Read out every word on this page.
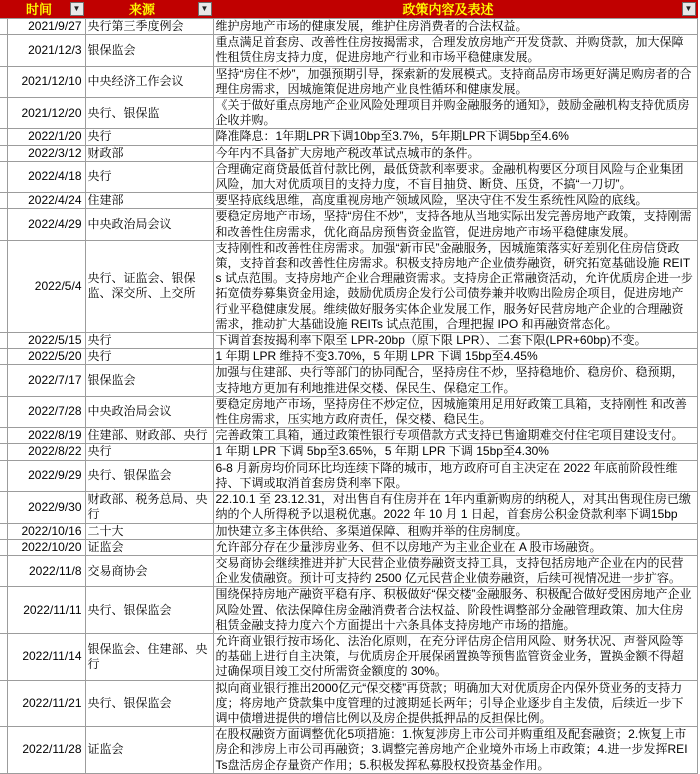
	时间 ▼	来源 ▼	政策内容及表述 ▼

	2021/9/27	央行第三季度例会	维护房地产市场的健康发展，维护住房消费者的合法权益。
	2021/12/3	银保监会	重点满足首套房、改善性住房按揭需求，合理发放房地产开发贷款、并购贷款，加大保障性租赁住房支持力度，促进房地产行业和市场平稳健康发展。
	2021/12/10	中央经济工作会议	坚持“房住不炒”，加强预期引导，探索新的发展模式。支持商品房市场更好满足购房者的合理住房需求，因城施策促进房地产业良性循环和健康发展。
	2021/12/20	央行、银保监	《关于做好重点房地产企业风险处理项目并购金融服务的通知》，鼓励金融机构支持优质房企收并购。
	2022/1/20	央行	降准降息：1年期LPR下调10bp至3.7%，5年期LPR下调5bp至4.6%
	2022/3/12	财政部	今年内不具备扩大房地产税改革试点城市的条件。
	2022/4/18	央行	合理确定商贷最低首付款比例，最低贷款利率要求。金融机构要区分项目风险与企业集团风险，加大对优质项目的支持力度，不盲目抽贷、断贷、压贷，不搞“一刀切”。
	2022/4/24	住建部	要坚持底线思维，高度重视房地产领域风险，坚决守住不发生系统性风险的底线。
	2022/4/29	中央政治局会议	要稳定房地产市场，坚持“房住不炒”，支持各地从当地实际出发完善房地产政策，支持刚需和改善性住房需求，优化商品房预售资金监管，促进房地产市场平稳健康发展。
	2022/5/4	央行、证监会、银保监、深交所、上交所	支持刚性和改善性住房需求。加强“新市民”金融服务，因城施策落实好差别化住房信贷政策，支持首套和改善性住房需求。积极支持房地产企业债券融资，研究拓宽基础设施 REITs 试点范围。支持房地产企业合理融资需求。支持房企正常融资活动，允许优质房企进一步拓宽债券募集资金用途，鼓励优质房企发行公司债券兼并收购出险房企项目，促进房地产行业平稳健康发展。维续做好服务实体企业发展工作，服务好民营房地产企业的合理融资需求，推动扩大基础设施 REITs 试点范围，合理把握 IPO 和再融资常态化。
	2022/5/15	央行	下调首套按揭利率下限至 LPR-20bp（原下限 LPR）、二套下限(LPR+60bp)不变。
	2022/5/20	央行	1 年期 LPR 维持不变3.70%，5 年期 LPR 下调 15bp至4.45%
	2022/7/17	银保监会	加强与住建部、央行等部门的协同配合，坚持房住不炒，坚持稳地价、稳房价、稳预期，支持地方更加有利地推进保交楼、保民生、保稳定工作。
	2022/7/28	中央政治局会议	要稳定房地产市场，坚持房住不炒定位，因城施策用足用好政策工具箱，支持刚性 和改善性住房需求，压实地方政府责任，保交楼、稳民生。
	2022/8/19	住建部、财政部、央行	完善政策工具箱，通过政策性银行专项借款方式支持已售逾期难交付住宅项目建设支付。
	2022/8/22	央行	1 年期 LPR 下调 5bp至3.65%，5 年期 LPR 下调 15bp至4.30%
	2022/9/29	央行、银保监会	6-8 月新房均价同环比均连续下降的城市，地方政府可自主决定在 2022 年底前阶段性维持、下调或取消首套房贷利率下限。
	2022/9/30	财政部、税务总局、央行	22.10.1 至 23.12.31，对出售自有住房并在 1年内重新购房的纳税人，对其出售现住房已缴纳的个人所得税予以退税优惠。2022 年 10 月 1 日起，首套房公积金贷款利率下调15bp
	2022/10/16	二十大	加快建立多主体供给、多渠道保障、租购并举的住房制度。
	2022/10/20	证监会	允许部分存在少量涉房业务、但不以房地产为主业企业在 A 股市场融资。
	2022/11/8	交易商协会	交易商协会继续推进并扩大民营企业债券融资支持工具，支持包括房地产企业在内的民营企业发债融资。预计可支持约 2500 亿元民营企业债券融资，后续可视情况进一步扩容。
	2022/11/11	央行、银保监会	围绕保持房地产融资平稳有序、积极做好“保交楼”金融服务、积极配合做好受困房地产企业风险处置、依法保障住房金融消费者合法权益、阶段性调整部分金融管理政策、加大住房租赁金融支持力度六个方面提出十六条具体支持房地产市场的措施。
	2022/11/14	银保监会、住建部、央行	允许商业银行按市场化、法治化原则，在充分评估房企信用风险、财务状况、声誉风险等的基础上进行自主决策，与优质房企开展保函置换等预售监管资金业务，置换金额不得超过确保项目竣工交付所需资金额度的 30%。
	2022/11/21	央行、银保监会	拟向商业银行推出2000亿元“保交楼”再贷款；明确加大对优质房企内保外贷业务的支持力度；将房地产贷款集中度管理的过渡期延长两年；引导企业逐步自主发债，后续近一步下调中债增进提供的增信比例以及房企提供抵押品的反担保比例。
	2022/11/28	证监会	在股权融资方面调整优化5项措施：1.恢复涉房上市公司并购重组及配套融资；2.恢复上市房企和涉房上市公司再融资；3.调整完善房地产企业境外市场上市政策；4.进一步发挥REITs盘活房企存量资产作用；5.积极发挥私募股权投资基金作用。
